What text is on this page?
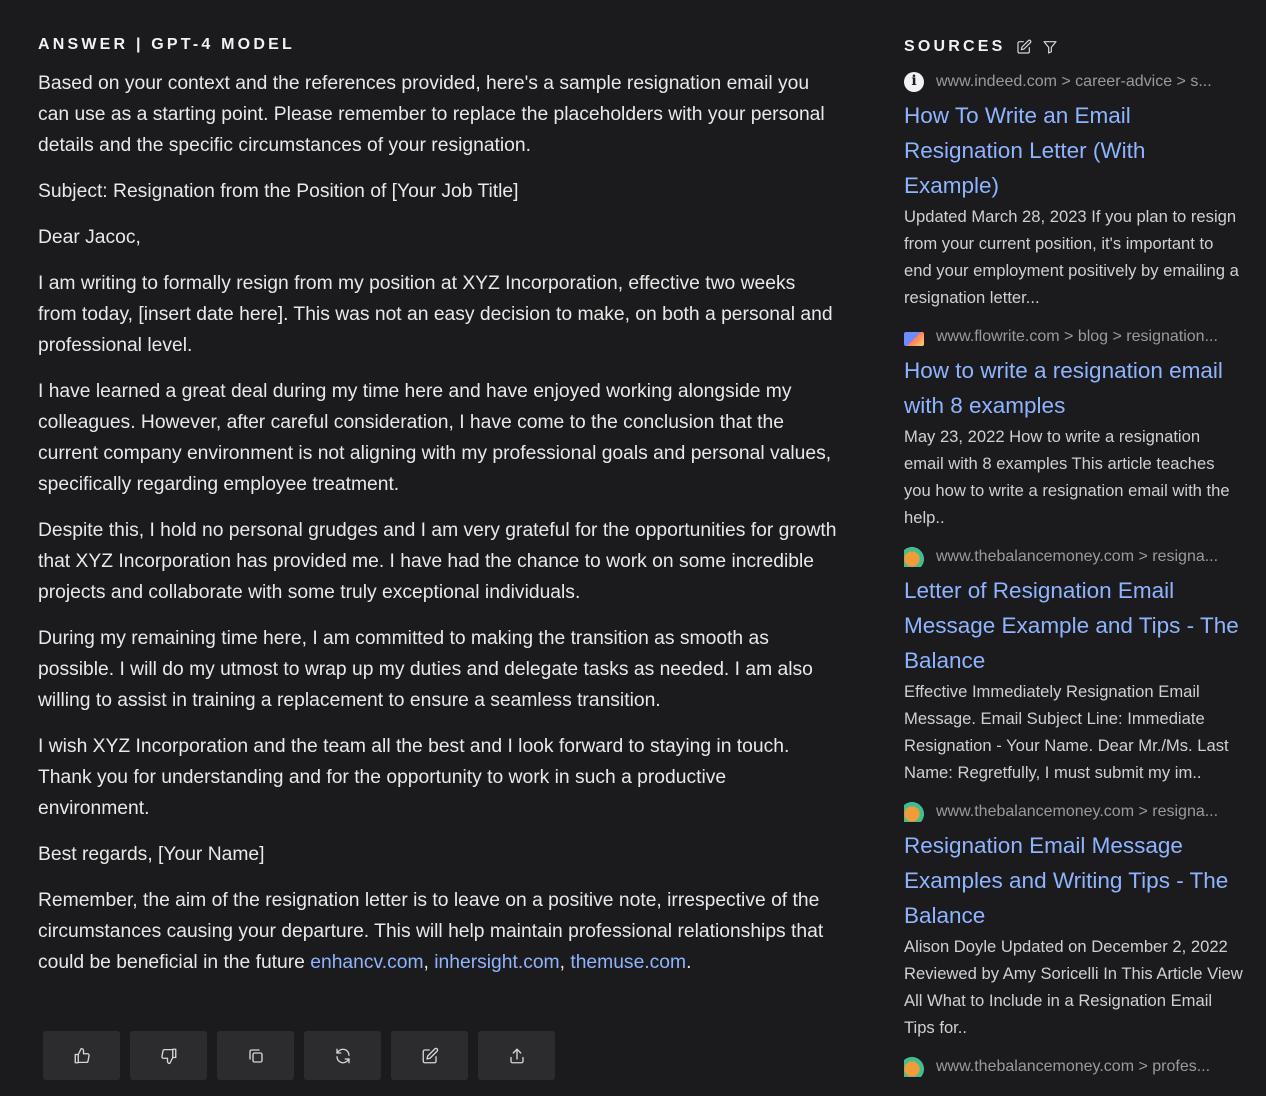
ANSWER | GPT-4 MODEL

Based on your context and the references provided, here's a sample resignation email you can use as a starting point. Please remember to replace the placeholders with your personal details and the specific circumstances of your resignation.

Subject: Resignation from the Position of [Your Job Title]

Dear Jacoc,

I am writing to formally resign from my position at XYZ Incorporation, effective two weeks from today, [insert date here]. This was not an easy decision to make, on both a personal and professional level.

I have learned a great deal during my time here and have enjoyed working alongside my colleagues. However, after careful consideration, I have come to the conclusion that the current company environment is not aligning with my professional goals and personal values, specifically regarding employee treatment.

Despite this, I hold no personal grudges and I am very grateful for the opportunities for growth that XYZ Incorporation has provided me. I have had the chance to work on some incredible projects and collaborate with some truly exceptional individuals.

During my remaining time here, I am committed to making the transition as smooth as possible. I will do my utmost to wrap up my duties and delegate tasks as needed. I am also willing to assist in training a replacement to ensure a seamless transition.

I wish XYZ Incorporation and the team all the best and I look forward to staying in touch. Thank you for understanding and for the opportunity to work in such a productive environment.

Best regards, [Your Name]

Remember, the aim of the resignation letter is to leave on a positive note, irrespective of the circumstances causing your departure. This will help maintain professional relationships that could be beneficial in the future enhancv.com, inhersight.com, themuse.com.

SOURCES
i
www.indeed.com > career-advice > s...
How To Write an Email Resignation Letter (With Example)

Updated March 28, 2023 If you plan to resign from your current position, it's important to end your employment positively by emailing a resignation letter...

www.flowrite.com > blog > resignation...
How to write a resignation email with 8 examples

May 23, 2022 How to write a resignation email with 8 examples This article teaches you how to write a resignation email with the help..

www.thebalancemoney.com > resigna...
Letter of Resignation Email Message Example and Tips - The Balance

Effective Immediately Resignation Email Message. Email Subject Line: Immediate Resignation - Your Name. Dear Mr./Ms. Last Name: Regretfully, I must submit my im..

www.thebalancemoney.com > resigna...
Resignation Email Message Examples and Writing Tips - The Balance

Alison Doyle Updated on December 2, 2022 Reviewed by Amy Soricelli In This Article View All What to Include in a Resignation Email Tips for..

www.thebalancemoney.com > profes...
